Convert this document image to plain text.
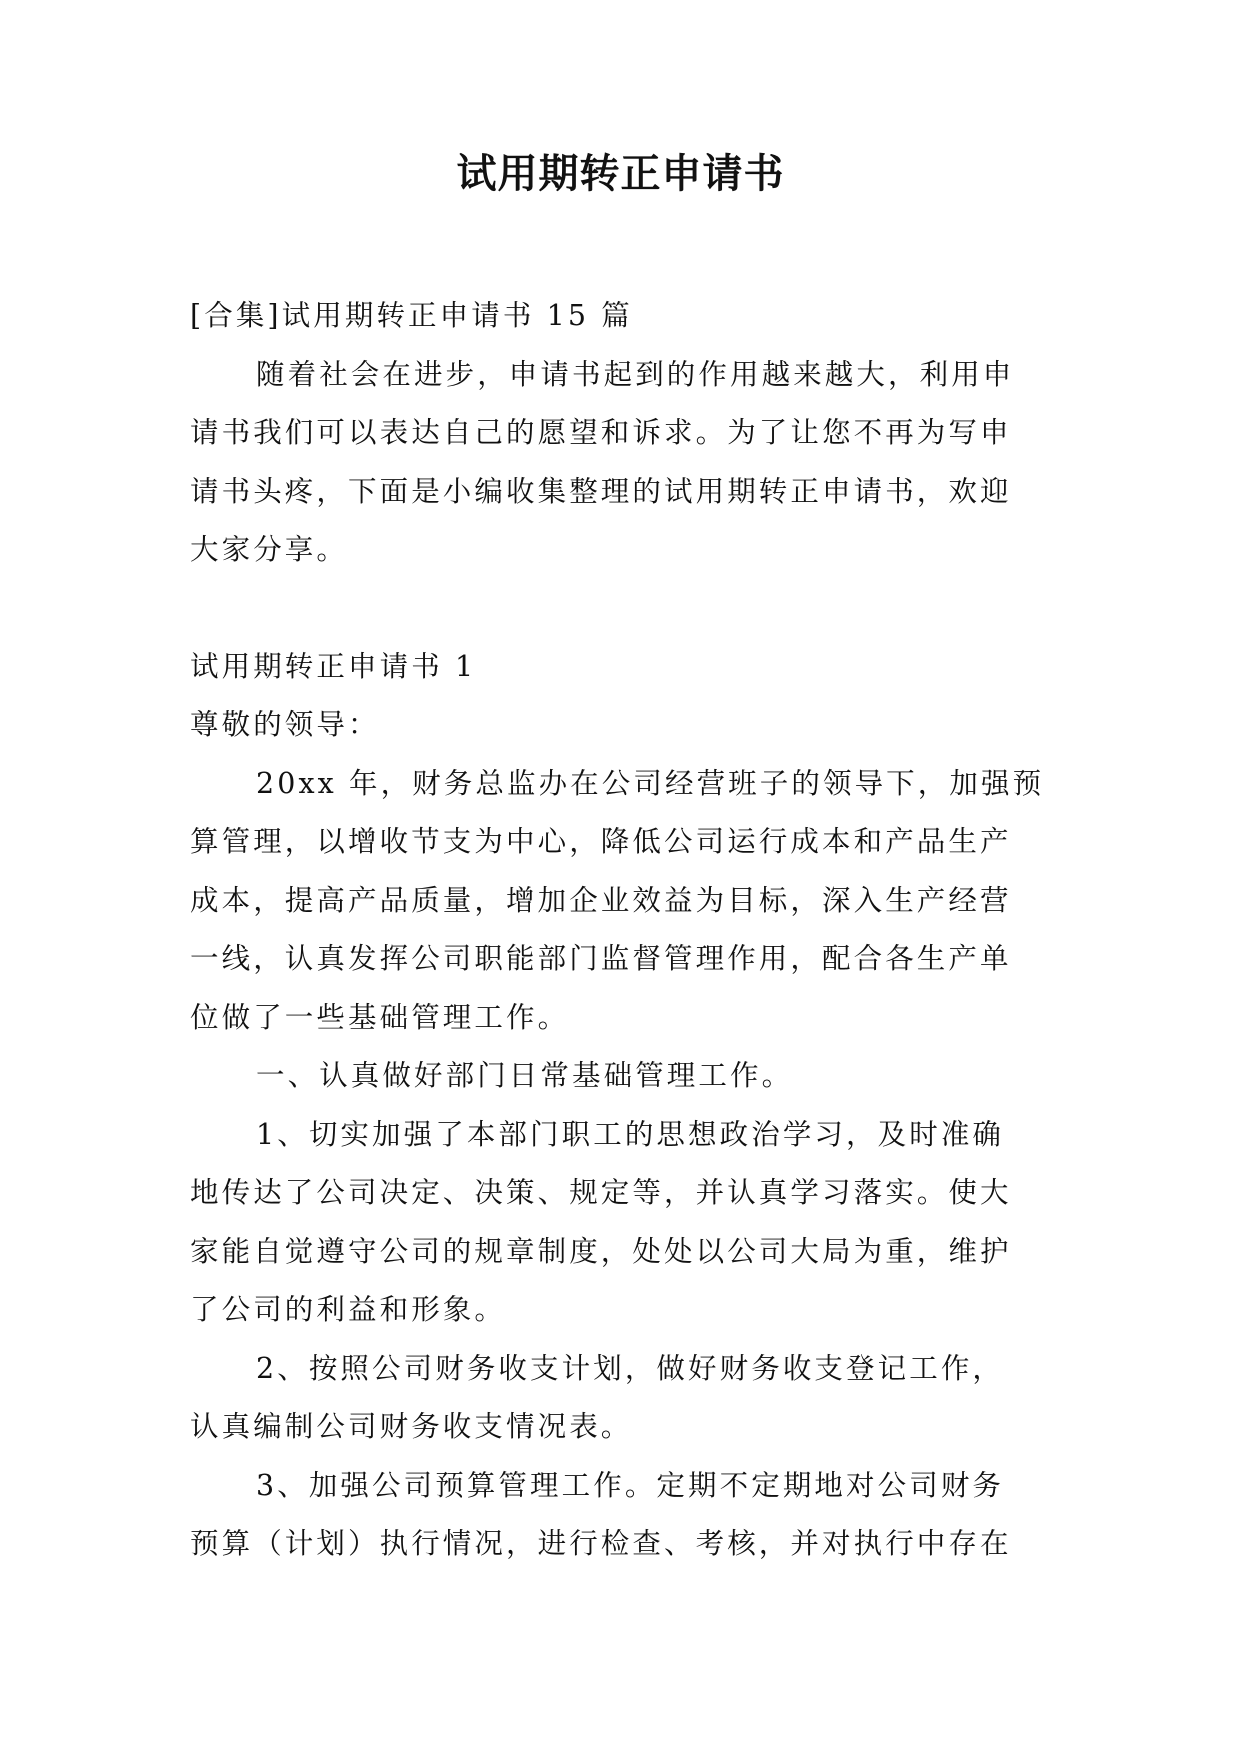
试用期转正申请书
[合集]试用期转正申请书 15 篇
随着社会在进步，申请书起到的作用越来越大，利用申
请书我们可以表达自己的愿望和诉求。为了让您不再为写申
请书头疼，下面是小编收集整理的试用期转正申请书，欢迎
大家分享。
试用期转正申请书 1
尊敬的领导：
20xx 年，财务总监办在公司经营班子的领导下，加强预
算管理，以增收节支为中心，降低公司运行成本和产品生产
成本，提高产品质量，增加企业效益为目标，深入生产经营
一线，认真发挥公司职能部门监督管理作用，配合各生产单
位做了一些基础管理工作。
一、认真做好部门日常基础管理工作。
1、切实加强了本部门职工的思想政治学习，及时准确
地传达了公司决定、决策、规定等，并认真学习落实。使大
家能自觉遵守公司的规章制度，处处以公司大局为重，维护
了公司的利益和形象。
2、按照公司财务收支计划，做好财务收支登记工作，
认真编制公司财务收支情况表。
3、加强公司预算管理工作。定期不定期地对公司财务
预算（计划）执行情况，进行检查、考核，并对执行中存在
